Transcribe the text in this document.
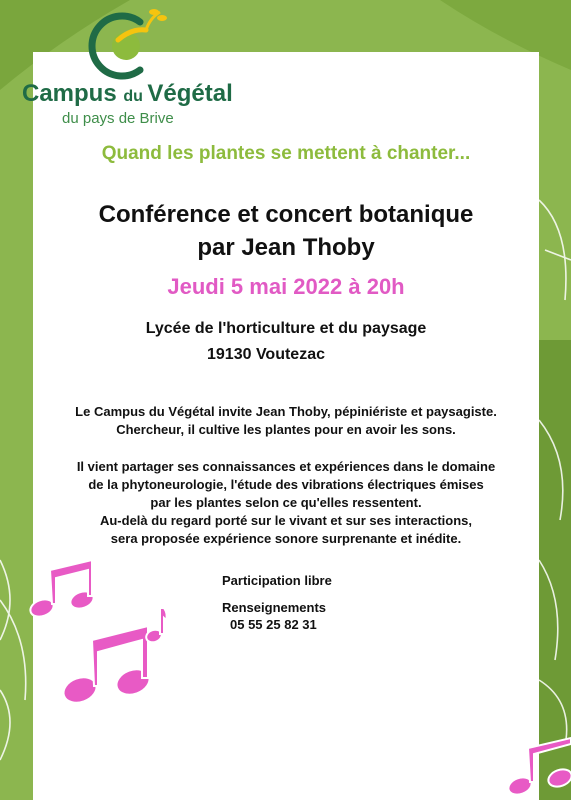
Campus du Végétal
du pays de Brive
Quand les plantes se mettent à chanter...
Conférence et concert botanique
par Jean Thoby
Jeudi 5 mai 2022 à 20h
Lycée de l'horticulture et du paysage
19130 Voutezac
Le Campus du Végétal invite Jean Thoby, pépiniériste et paysagiste.
Chercheur, il cultive les plantes pour en avoir les sons.
Il vient partager ses connaissances et expériences dans le domaine
de la phytoneurologie, l'étude des vibrations électriques émises
par les plantes selon ce qu'elles ressentent.
Au-delà du regard porté sur le vivant et sur ses interactions,
sera proposée expérience sonore surprenante et inédite.
Participation libre
Renseignements
05 55 25 82 31
